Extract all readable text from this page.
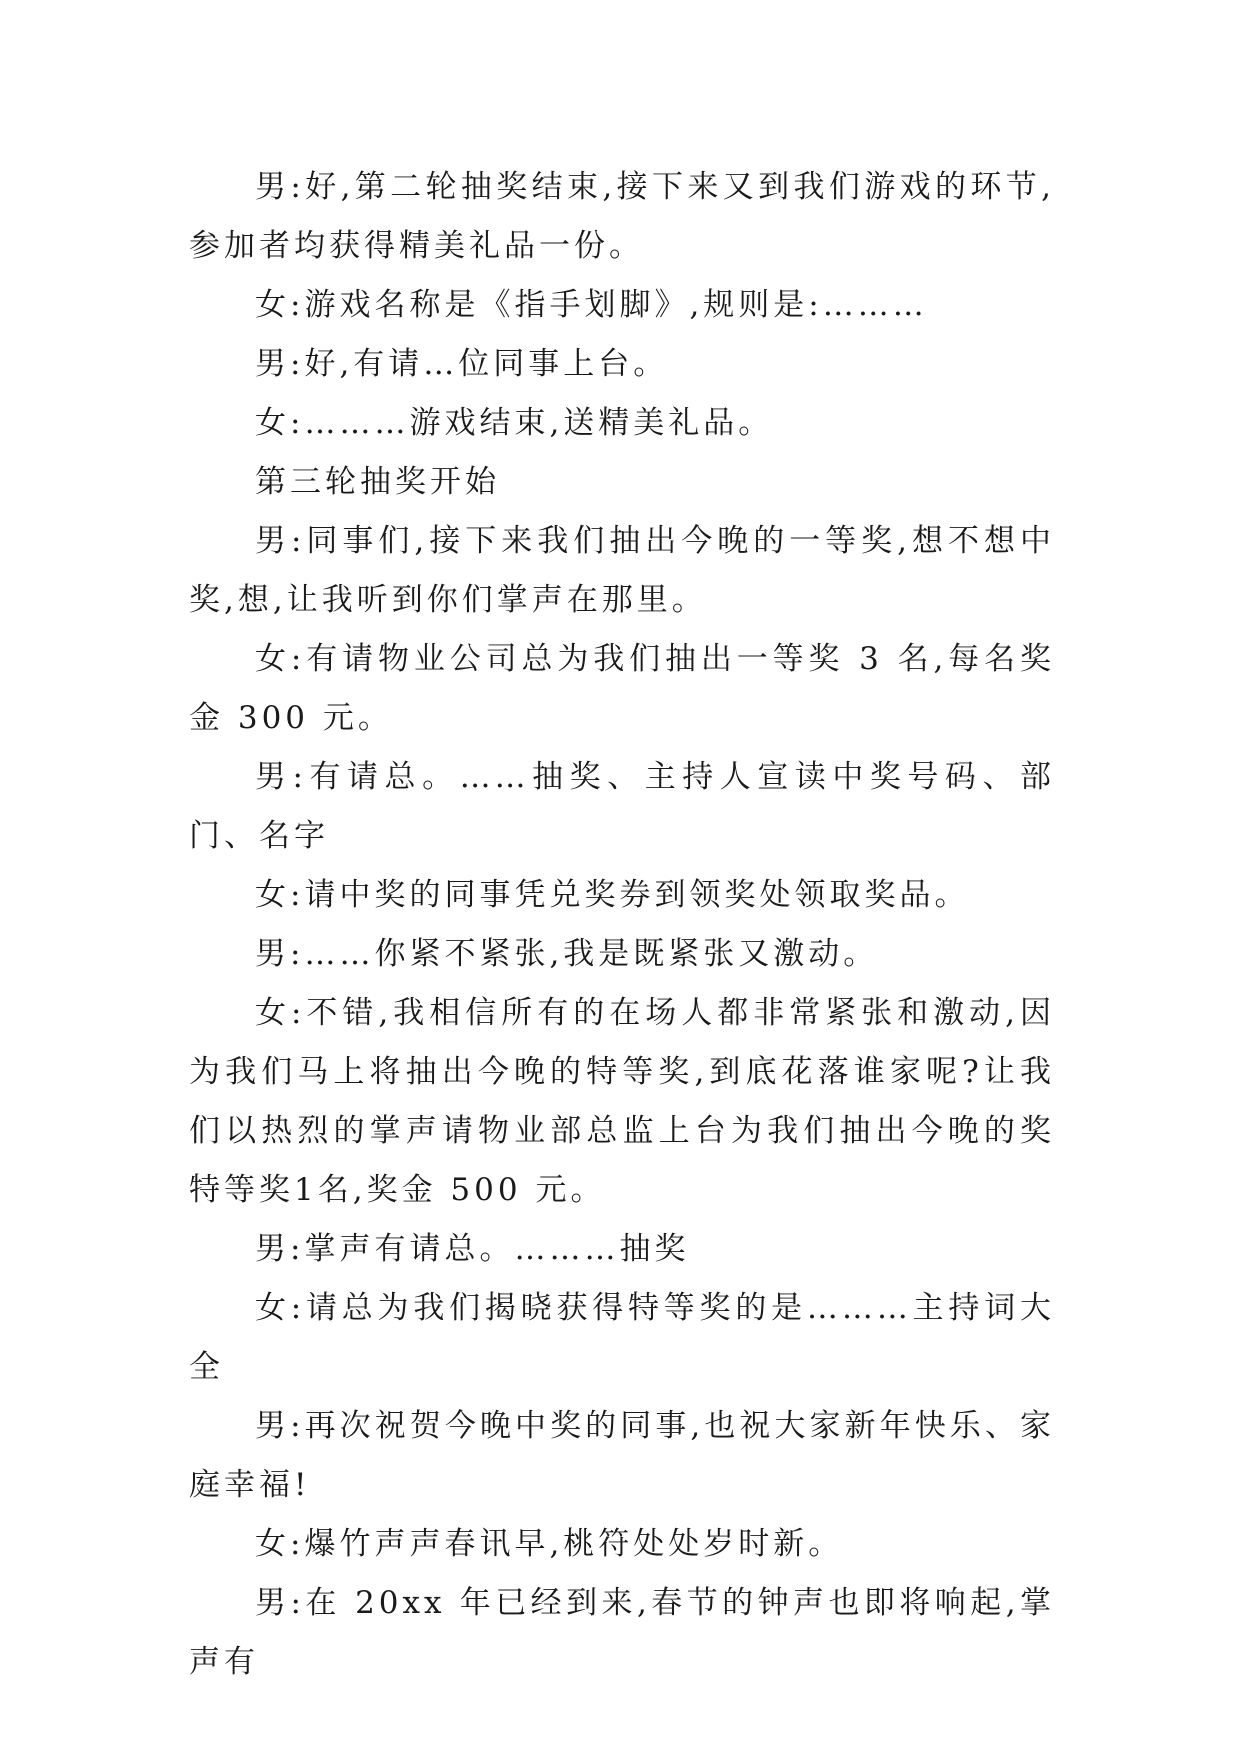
男:好,第二轮抽奖结束,接下来又到我们游戏的环节,参加者均获得精美礼品一份。

女:游戏名称是《指手划脚》,规则是:………

男:好,有请…位同事上台。

女:………游戏结束,送精美礼品。

第三轮抽奖开始

男:同事们,接下来我们抽出今晚的一等奖,想不想中奖,想,让我听到你们掌声在那里。

女:有请物业公司总为我们抽出一等奖 3 名,每名奖金 300 元。

男:有请总。……抽奖、主持人宣读中奖号码、部门、名字

女:请中奖的同事凭兑奖券到领奖处领取奖品。

男:……你紧不紧张,我是既紧张又激动。

女:不错,我相信所有的在场人都非常紧张和激动,因为我们马上将抽出今晚的特等奖,到底花落谁家呢?让我们以热烈的掌声请物业部总监上台为我们抽出今晚的奖特等奖1名,奖金 500 元。

男:掌声有请总。………抽奖

女:请总为我们揭晓获得特等奖的是………主持词大全

男:再次祝贺今晚中奖的同事,也祝大家新年快乐、家庭幸福!

女:爆竹声声春讯早,桃符处处岁时新。

男:在 20xx 年已经到来,春节的钟声也即将响起,掌声有
